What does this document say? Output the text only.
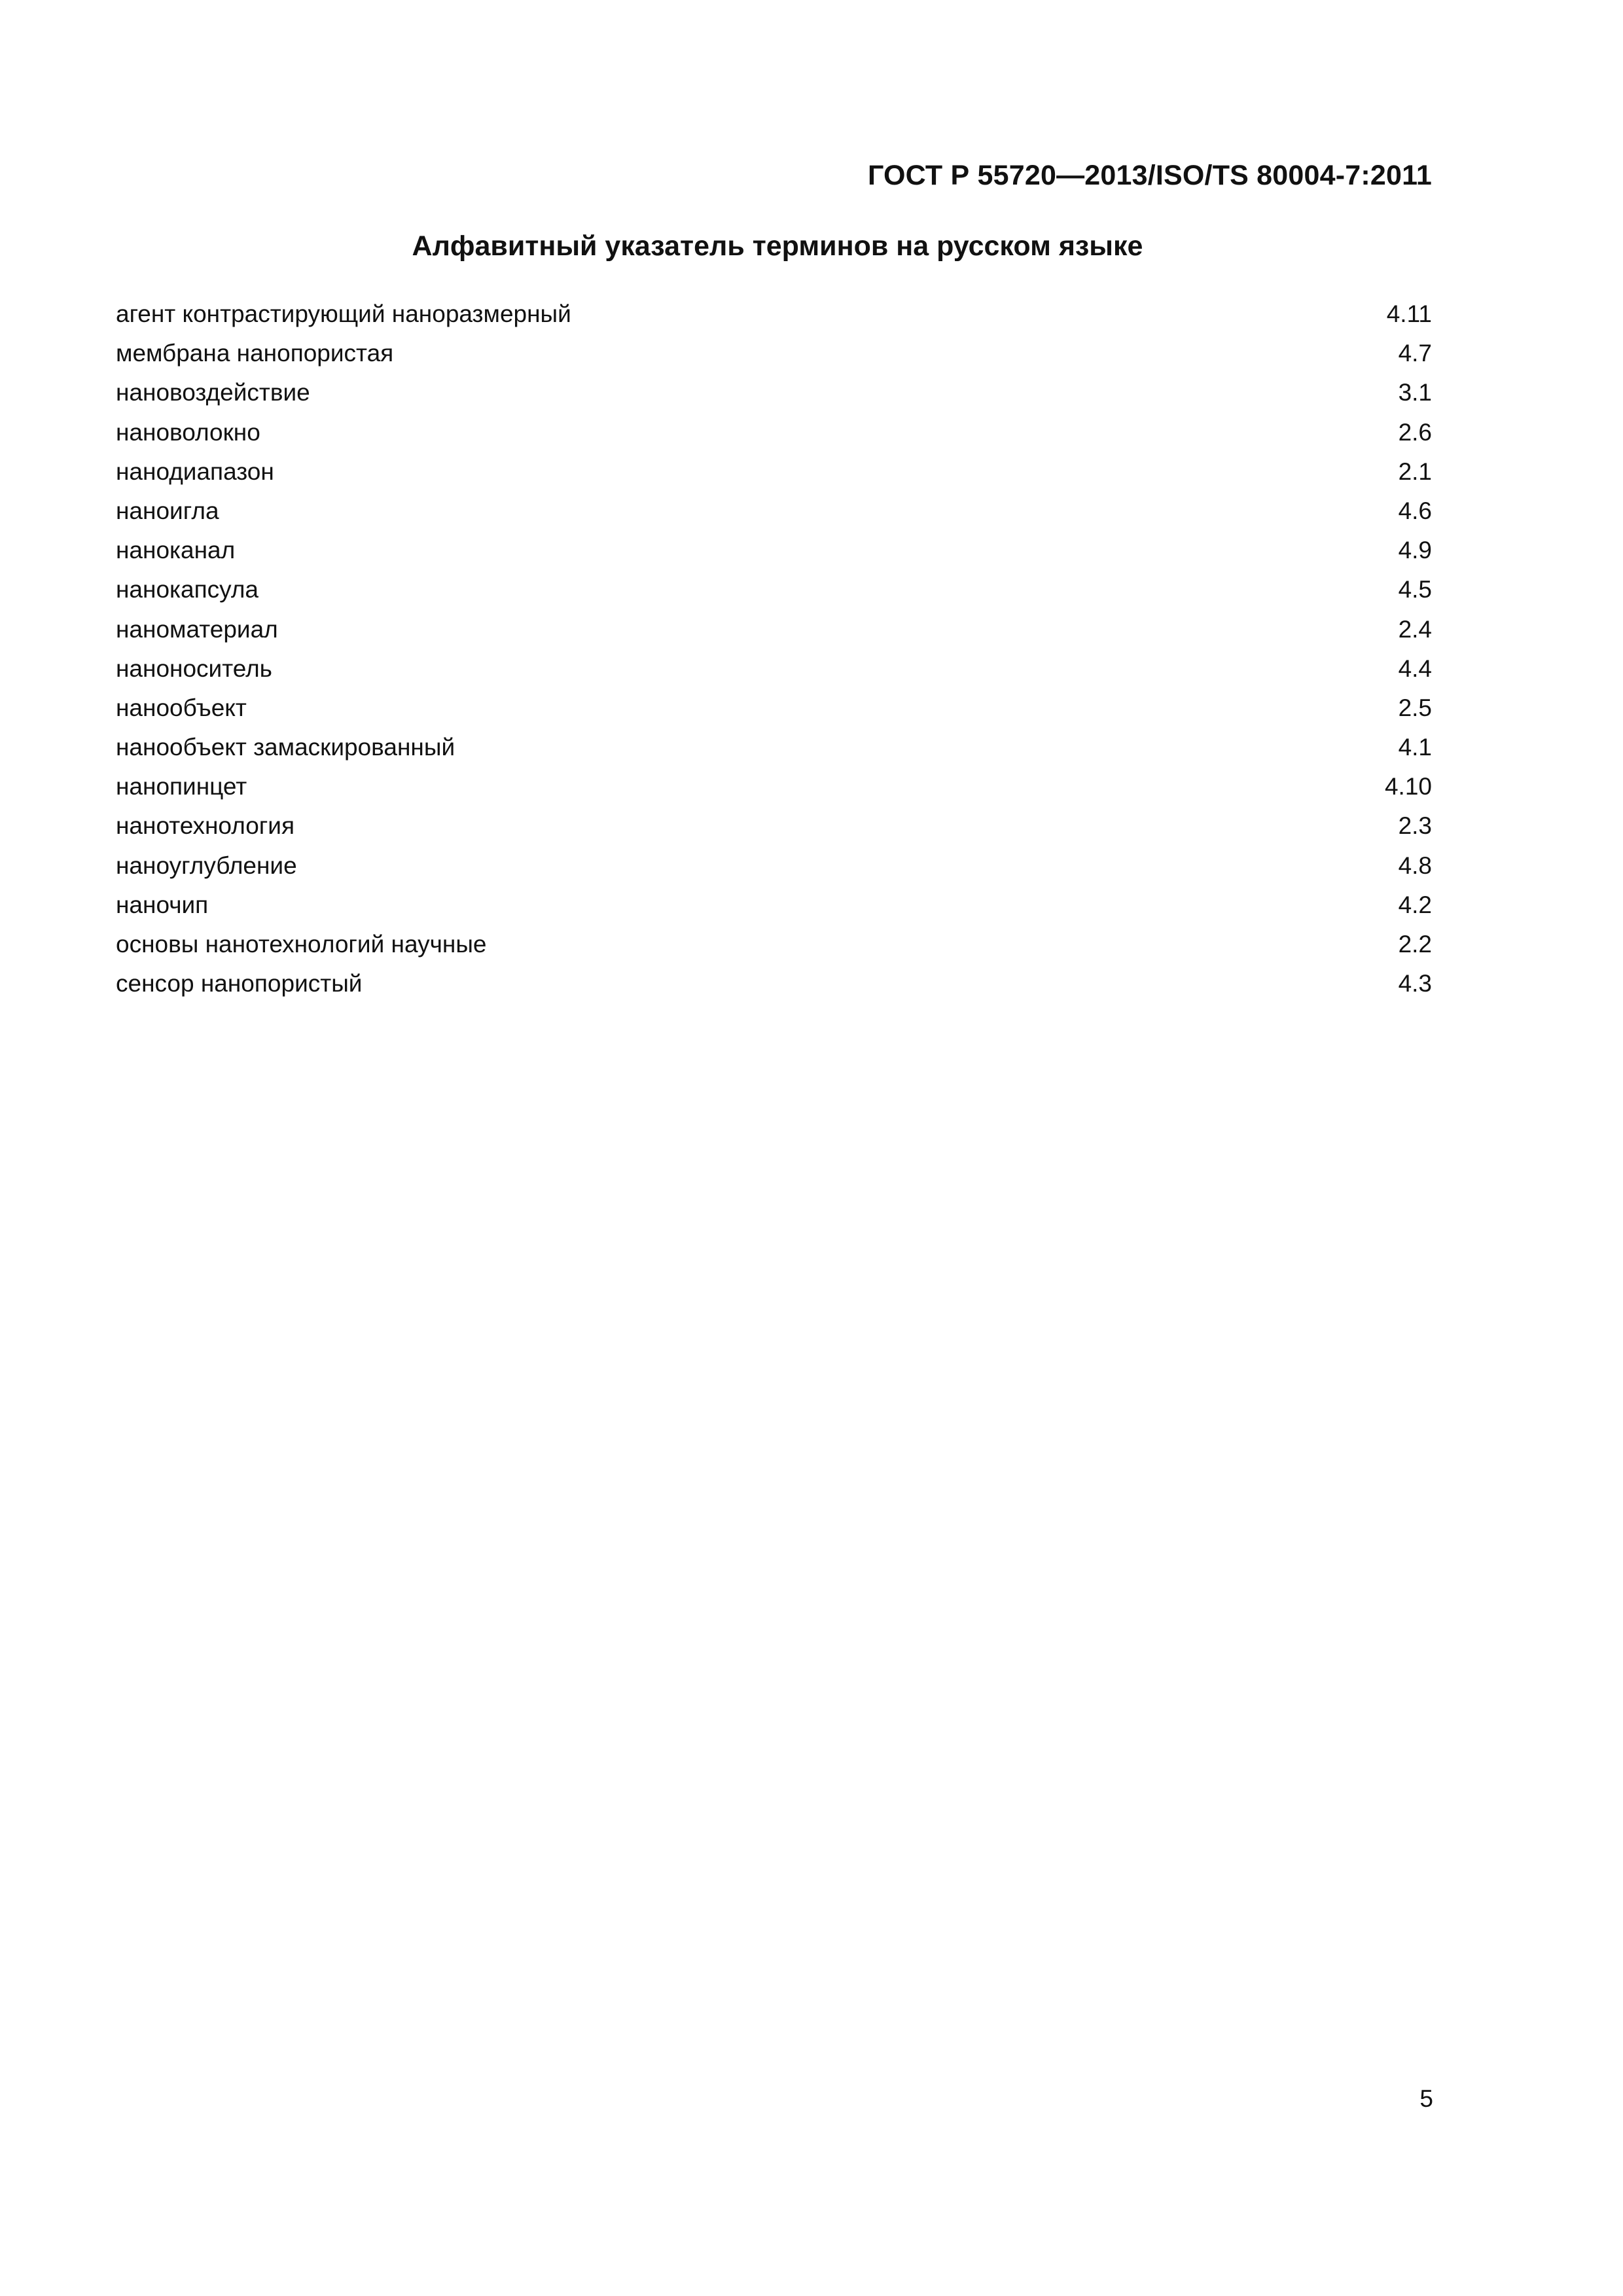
ГОСТ Р 55720—2013/ISO/TS 80004-7:2011
Алфавитный указатель терминов на русском языке
агент контрастирующий наноразмерный	4.11
мембрана нанопористая	4.7
нановоздействие	3.1
нановолокно	2.6
нанодиапазон	2.1
наноигла	4.6
наноканал	4.9
нанокапсула	4.5
наноматериал	2.4
наноноситель	4.4
нанообъект	2.5
нанообъект замаскированный	4.1
нанопинцет	4.10
нанотехнология	2.3
наноуглубление	4.8
наночип	4.2
основы нанотехнологий научные	2.2
сенсор нанопористый	4.3
5
